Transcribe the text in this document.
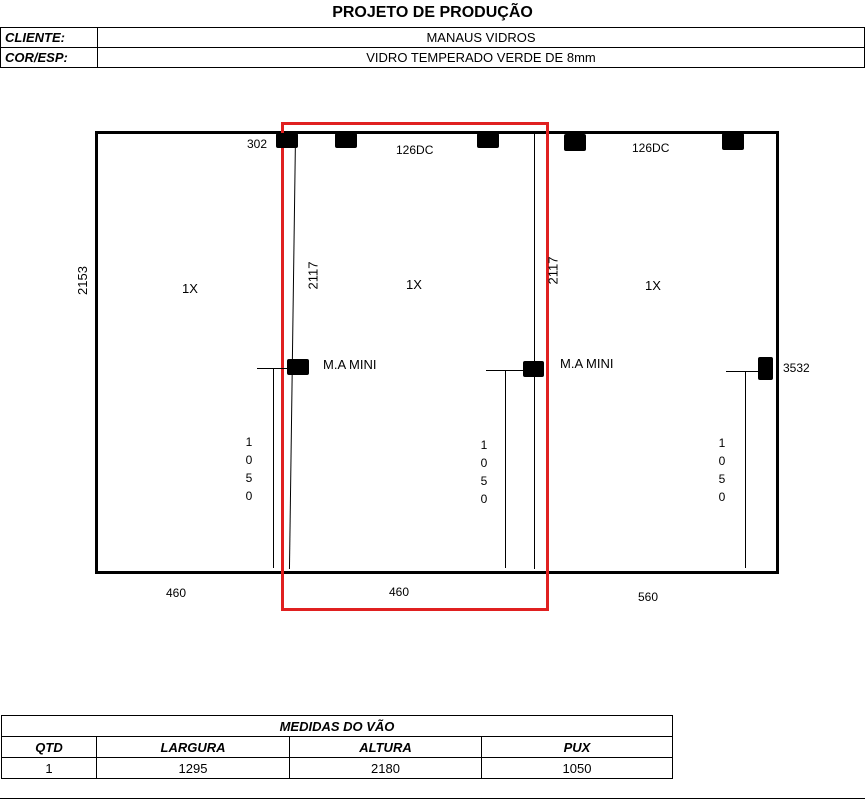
PROJETO DE PRODUÇÃO
CLIENTE:	MANAUS VIDROS
COR/ESP:	VIDRO TEMPERADO VERDE DE 8mm
302	126DC	126DC
2153	2117	2117
1X	1X	1X
M.A MINI	M.A MINI	3532
1
0
5
0
1
0
5
0
1
0
5
0
460	460	560
MEDIDAS DO VÃO			
QTD	LARGURA	ALTURA	PUX
1	1295	2180	1050
